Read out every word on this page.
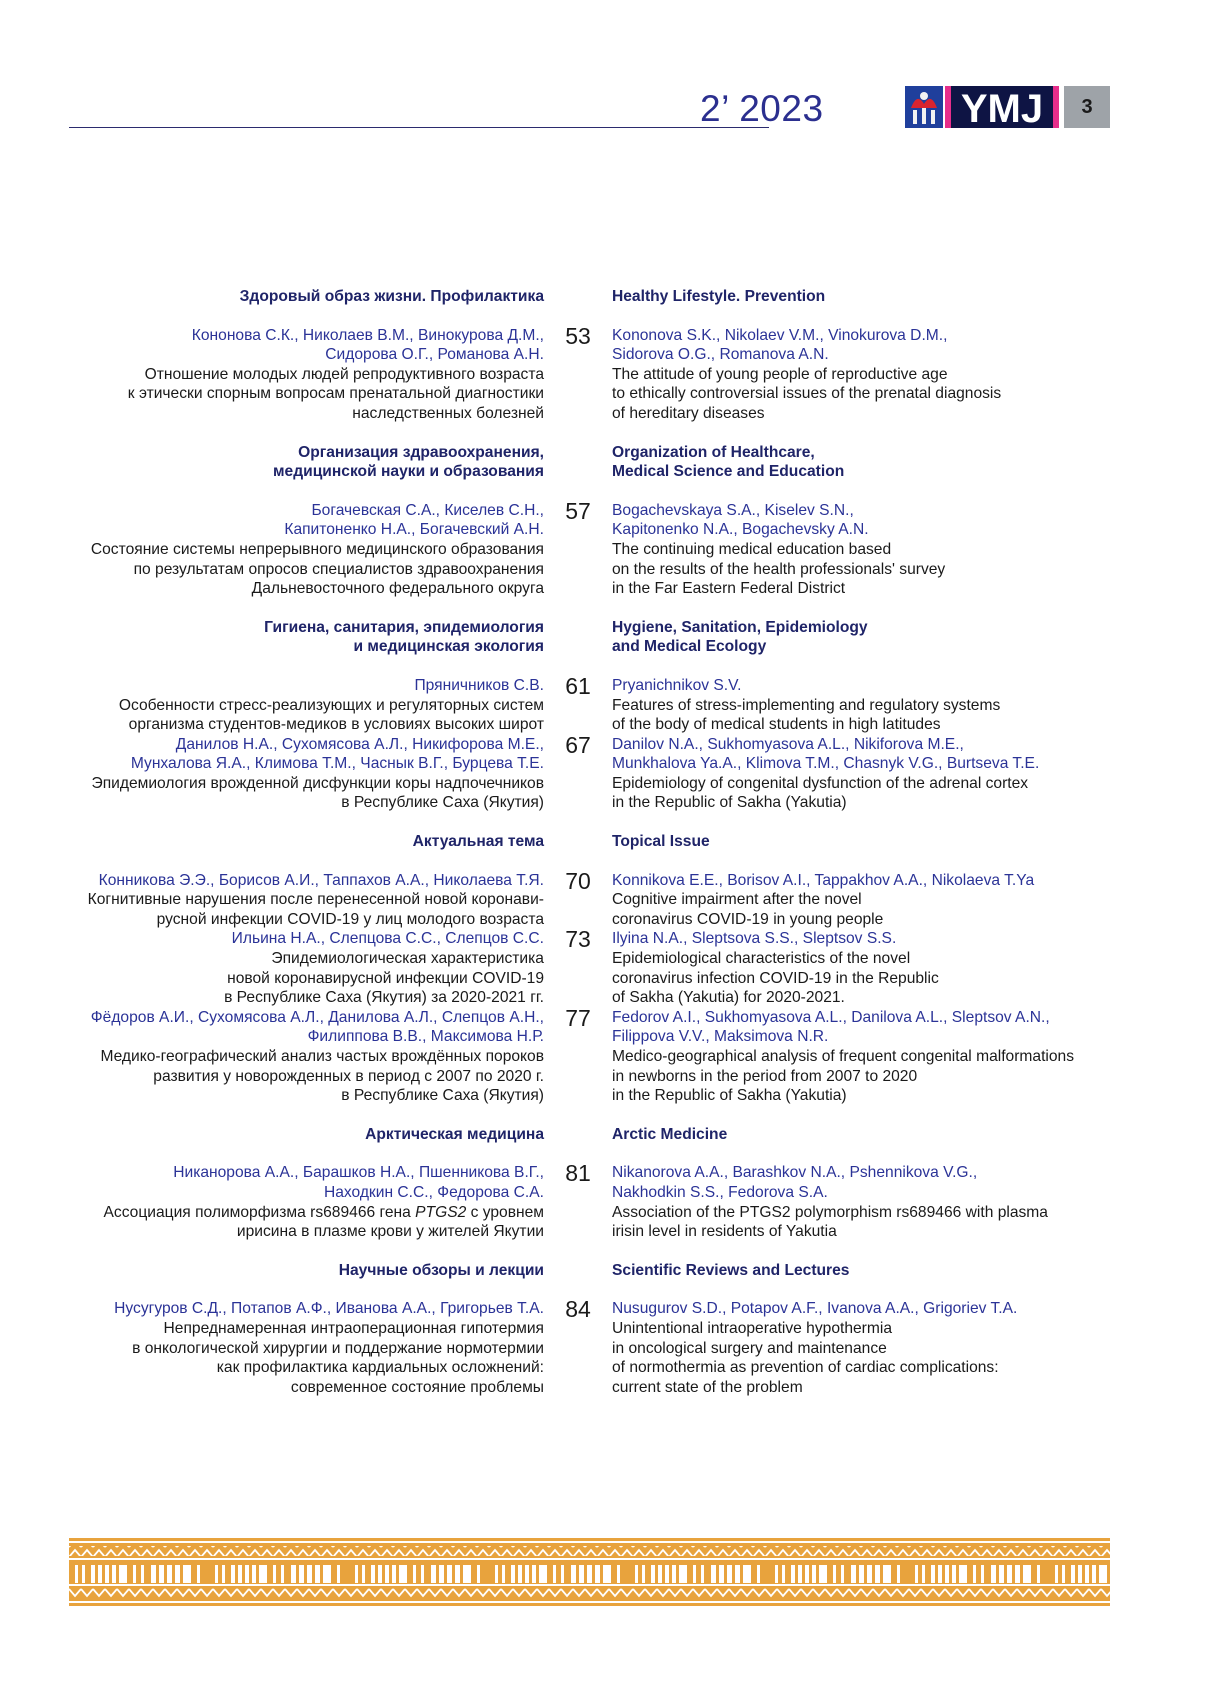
2’ 2023	YMJ	3
Здоровый образ жизни. Профилактика	Healthy Lifestyle. Prevention
Кононова С.К., Николаев В.М., Винокурова Д.М.,
Сидорова О.Г., Романова А.Н.
Отношение молодых людей репродуктивного возраста
к этически спорным вопросам пренатальной диагностики
наследственных болезней
53	Kononova S.K., Nikolaev V.M., Vinokurova D.M.,
Sidorova O.G., Romanova A.N.
The attitude of young people of reproductive age
to ethically controversial issues of the prenatal diagnosis
of hereditary diseases
Организация здравоохранения,
медицинской науки и образования
Organization of Healthcare,
Medical Science and Education
Богачевская С.А., Киселев С.Н.,
Капитоненко Н.А., Богачевский А.Н.
Состояние системы непрерывного медицинского образования
по результатам опросов специалистов здравоохранения
Дальневосточного федерального округа
57	Bogachevskaya S.A., Kiselev S.N.,
Kapitonenko N.A., Bogachevsky A.N.
The continuing medical education based
on the results of the health professionals' survey
in the Far Eastern Federal District
Гигиена, санитария, эпидемиология
и медицинская экология
Hygiene, Sanitation, Epidemiology
and Medical Ecology
Пряничников С.В.
Особенности стресс-реализующих и регуляторных систем
организма студентов-медиков в условиях высоких широт
61	Pryanichnikov S.V.
Features of stress-implementing and regulatory systems
of the body of medical students in high latitudes
Данилов Н.А., Сухомясова А.Л., Никифорова М.Е.,
Мунхалова Я.А., Климова Т.М., Часнык В.Г., Бурцева Т.Е.
Эпидемиология врожденной дисфункции коры надпочечников
в Республике Саха (Якутия)
67	Danilov N.A., Sukhomyasova A.L., Nikiforova M.E.,
Munkhalova Ya.A., Klimova T.M., Chasnyk V.G., Burtseva T.E.
Epidemiology of congenital dysfunction of the adrenal cortex
in the Republic of Sakha (Yakutia)
Актуальная тема	Topical Issue
Конникова Э.Э., Борисов А.И., Таппахов А.А., Николаева Т.Я.
Когнитивные нарушения после перенесенной новой коронави-
русной инфекции COVID-19 у лиц молодого возраста
70	Konnikova E.E., Borisov A.I., Tappakhov A.A., Nikolaeva T.Ya
Cognitive impairment after the novel
coronavirus COVID-19 in young people
Ильина Н.А., Слепцова С.С., Слепцов С.С.
Эпидемиологическая характеристика
новой коронавирусной инфекции COVID-19
в Республике Саха (Якутия) за 2020-2021 гг.
73	Ilyina N.A., Sleptsova S.S., Sleptsov S.S.
Epidemiological characteristics of the novel
coronavirus infection COVID-19 in the Republic
of Sakha (Yakutia) for 2020-2021.
Фёдоров А.И., Сухомясова А.Л., Данилова А.Л., Слепцов А.Н.,
Филиппова В.В., Максимова Н.Р.
Медико-географический анализ частых врождённых пороков
развития у новорожденных в период с 2007 по 2020 г.
в Республике Саха (Якутия)
77	Fedorov A.I., Sukhomyasova A.L., Danilova A.L., Sleptsov A.N.,
Filippova V.V., Maksimova N.R.
Medico-geographical analysis of frequent congenital malformations
in newborns in the period from 2007 to 2020
in the Republic of Sakha (Yakutia)
Арктическая медицина	Arctic Medicine
Никанорова А.А., Барашков Н.А., Пшенникова В.Г.,
Находкин С.С., Федорова С.А.
Ассоциация полиморфизма rs689466 гена PTGS2 с уровнем
ирисина в плазме крови у жителей Якутии
81	Nikanorova A.A., Barashkov N.A., Pshennikova V.G.,
Nakhodkin S.S., Fedorova S.A.
Association of the PTGS2 polymorphism rs689466 with plasma
irisin level in residents of Yakutia
Научные обзоры и лекции	Scientific Reviews and Lectures
Нусугуров С.Д., Потапов А.Ф., Иванова А.А., Григорьев Т.А.
Непреднамеренная интраоперационная гипотермия
в онкологической хирургии и поддержание нормотермии
как профилактика кардиальных осложнений:
современное состояние проблемы
84	Nusugurov S.D., Potapov A.F., Ivanova A.A., Grigoriev T.A.
Unintentional intraoperative hypothermia
in oncological surgery and maintenance
of normothermia as prevention of cardiac complications:
current state of the problem
